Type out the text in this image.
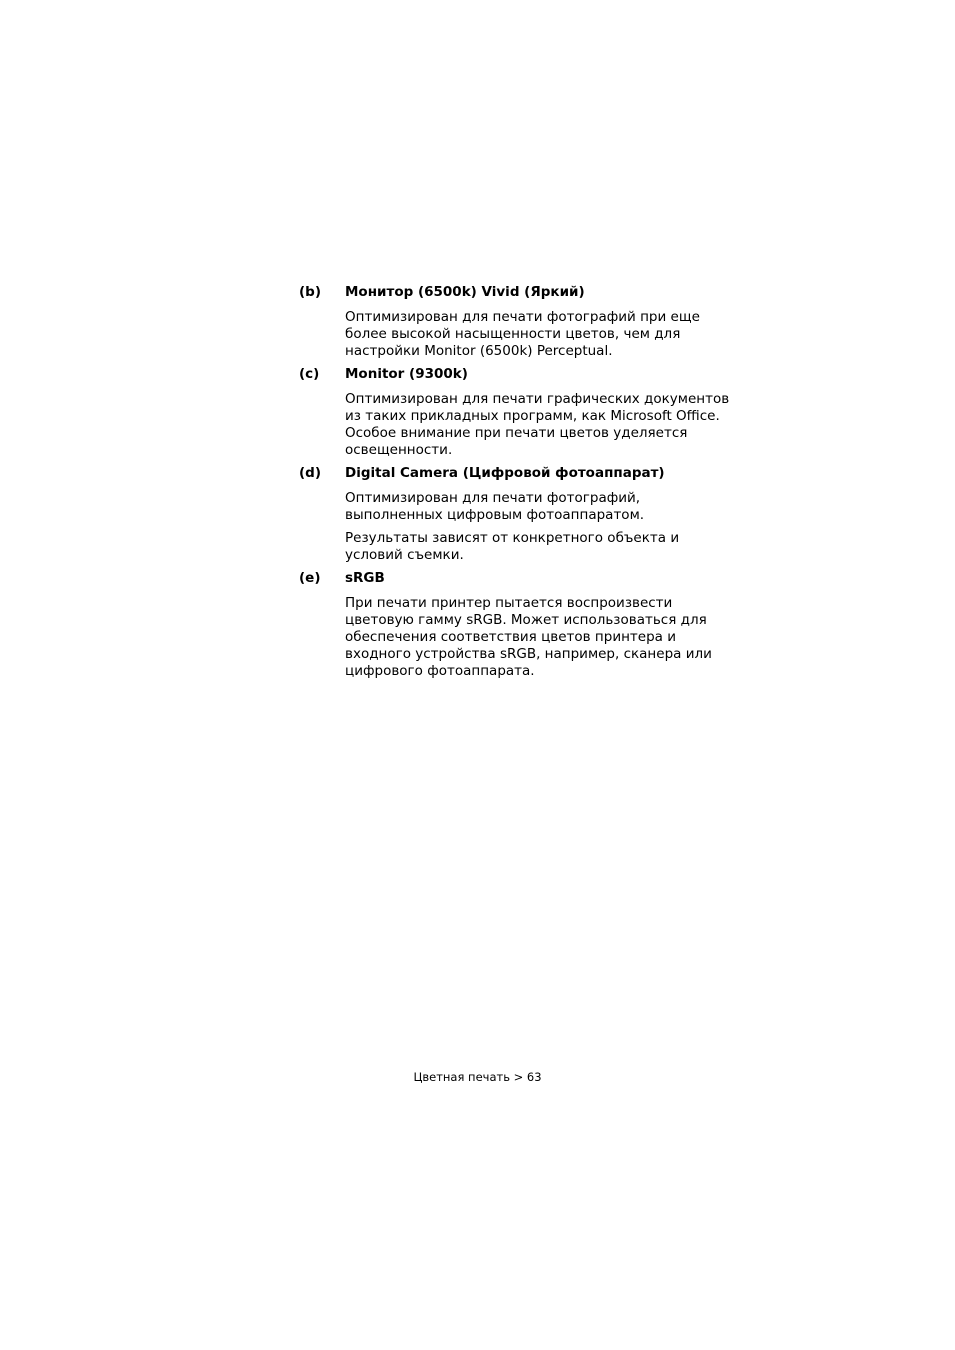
(b)	Монитор (6500k) Vivid (Яркий)
Оптимизирован для печати фотографий при еще
более высокой насыщенности цветов, чем для
настройки Monitor (6500k) Perceptual.
(c)	Monitor (9300k)
Оптимизирован для печати графических документов
из таких прикладных программ, как Microsoft Office.
Особое внимание при печати цветов уделяется
освещенности.
(d)	Digital Camera (Цифровой фотоаппарат)
Оптимизирован для печати фотографий,
выполненных цифровым фотоаппаратом.
Результаты зависят от конкретного объекта и
условий съемки.
(e)	sRGB
При печати принтер пытается воспроизвести
цветовую гамму sRGB. Может использоваться для
обеспечения соответствия цветов принтера и
входного устройства sRGB, например, сканера или
цифрового фотоаппарата.
Цветная печать > 63
